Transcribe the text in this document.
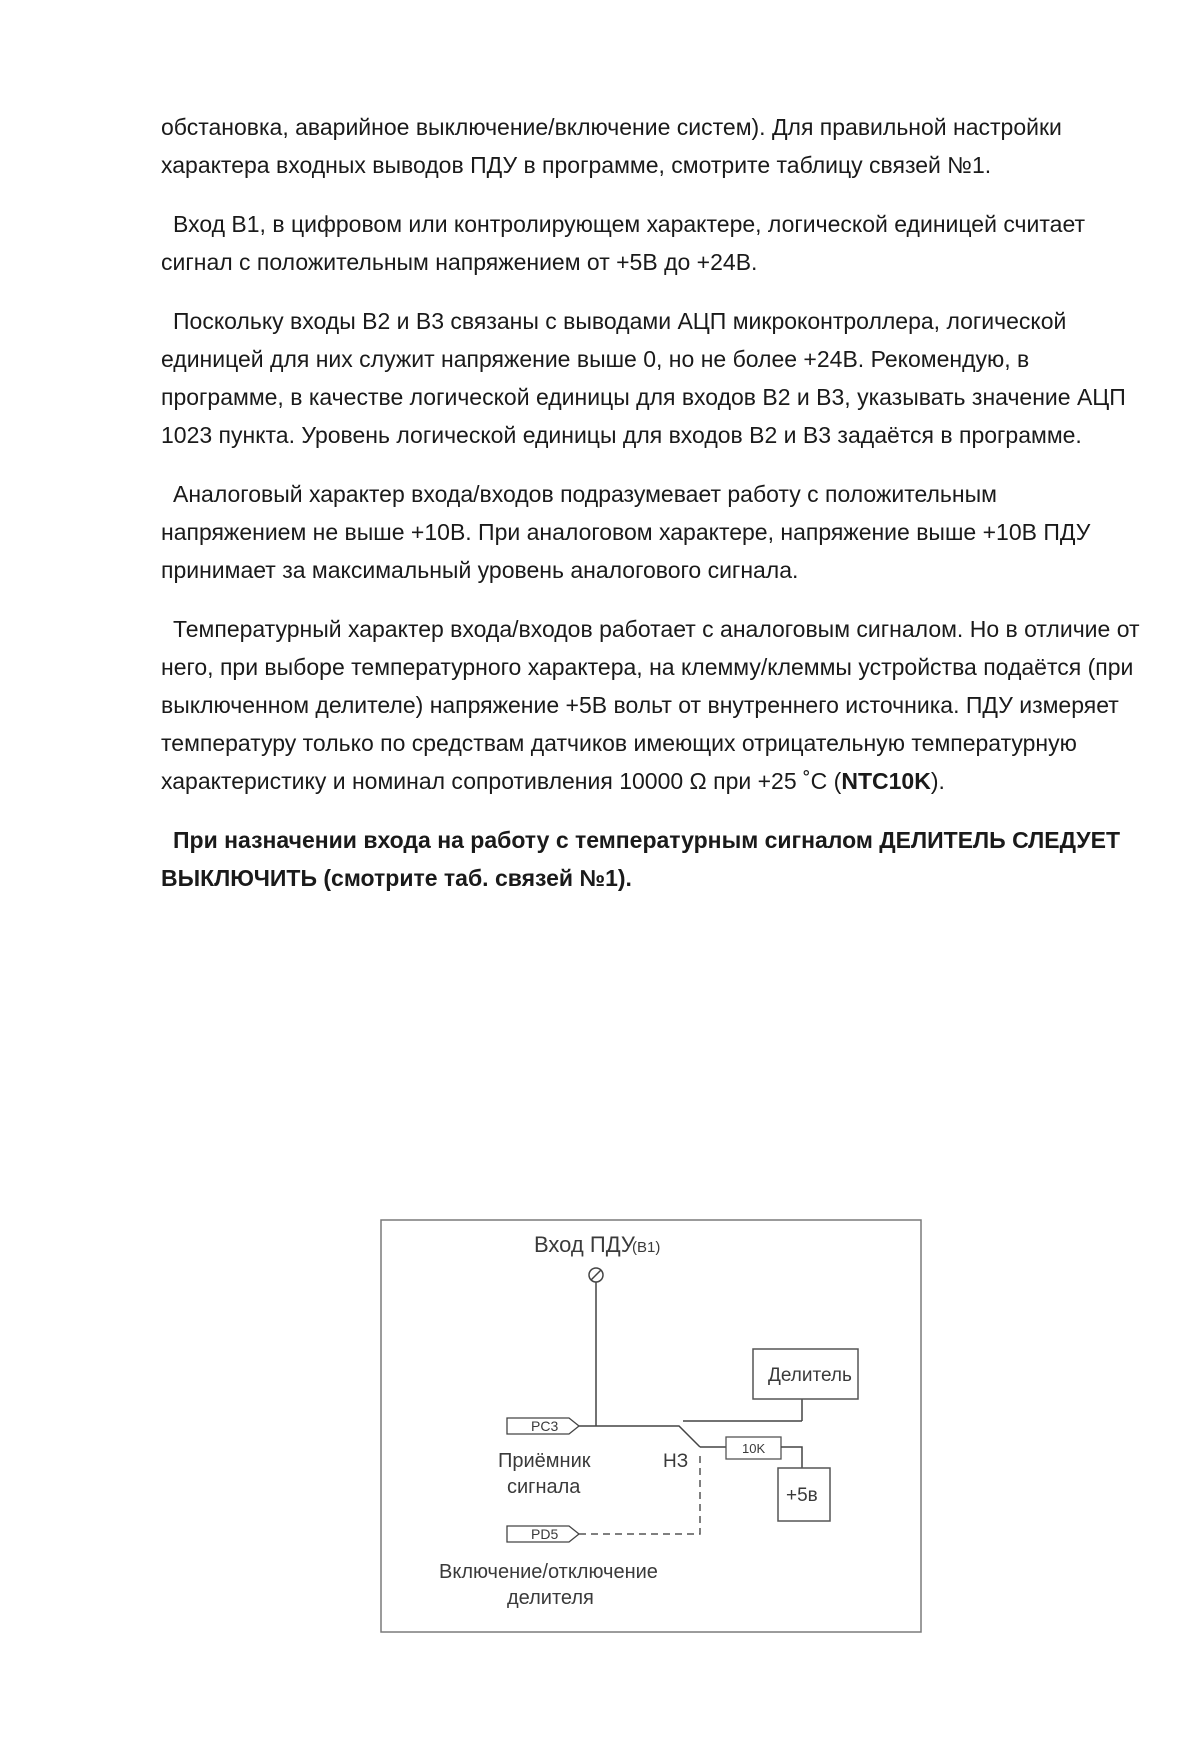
обстановка, аварийное выключение/включение систем). Для правильной настройки характера входных выводов ПДУ в программе, смотрите таблицу связей №1.

Вход В1, в цифровом или контролирующем характере, логической единицей считает сигнал с положительным напряжением от +5В до +24В.

Поскольку входы В2 и В3 связаны с выводами АЦП микроконтроллера, логической единицей для них служит напряжение выше 0, но не более +24В. Рекомендую, в программе, в качестве логической единицы для входов В2 и В3, указывать значение АЦП 1023 пункта. Уровень логической единицы для входов В2 и В3 задаётся в программе.

Аналоговый характер входа/входов подразумевает работу с положительным напряжением не выше +10В. При аналоговом характере, напряжение выше +10В ПДУ принимает за максимальный уровень аналогового сигнала.

Температурный характер входа/входов работает с аналоговым сигналом. Но в отличие от него, при выборе температурного характера, на клемму/клеммы устройства подаётся (при выключенном делителе) напряжение +5В вольт от внутреннего источника. ПДУ измеряет температуру только по средствам датчиков имеющих отрицательную температурную характеристику и номинал сопротивления 10000 Ω при +25 ˚С (NTC10K).

При назначении входа на работу с температурным сигналом ДЕЛИТЕЛЬ СЛЕДУЕТ ВЫКЛЮЧИТЬ (смотрите таб. связей №1).

Вход ПДУ
(В1)
PC3
Делитель
НЗ
10K
+5в
Приёмник
сигнала
PD5
Включение/отключение
делителя
